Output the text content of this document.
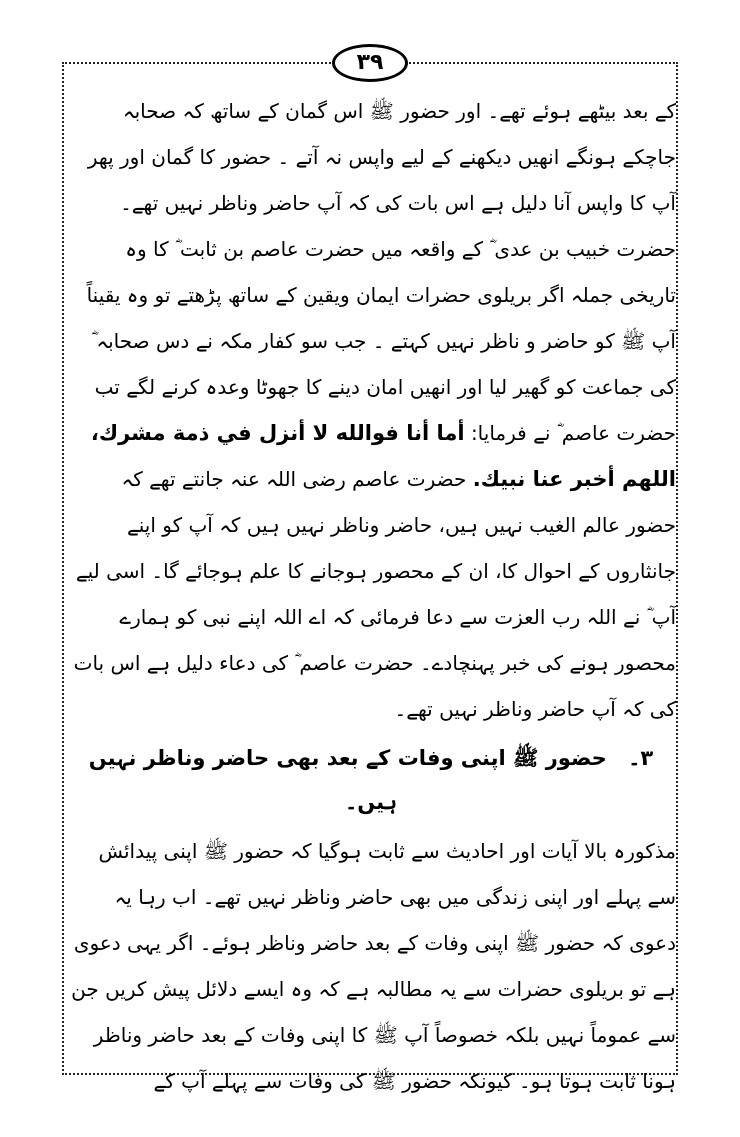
۳۹

کے بعد بیٹھے ہوئے تھے۔ اور حضور ﷺ اس گمان کے ساتھ کہ صحابہ جاچکے ہونگے انھیں دیکھنے کے لیے واپس نہ آتے ۔ حضور کا گمان اور پھر آپ کا واپس آنا دلیل ہے اس بات کی کہ آپ حاضر وناظر نہیں تھے۔

حضرت خبیب بن عدی ؓ کے واقعہ میں حضرت عاصم بن ثابت ؓ کا وہ تاریخی جملہ اگر بریلوی حضرات ایمان ویقین کے ساتھ پڑھتے تو وہ یقیناً آپ ﷺ کو حاضر و ناظر نہیں کہتے ۔ جب سو کفار مکہ نے دس صحابہ ؓ کی جماعت کو گھیر لیا اور انھیں امان دینے کا جھوٹا وعدہ کرنے لگے تب حضرت عاصم ؓ نے فرمایا: أما أنا فوالله لا أنزل في ذمة مشرك، اللهم أخبر عنا نبيك. حضرت عاصم رضی اللہ عنہ جانتے تھے کہ حضور عالم الغیب نہیں ہیں، حاضر وناظر نہیں ہیں کہ آپ کو اپنے جانثاروں کے احوال کا، ان کے محصور ہوجانے کا علم ہوجائے گا۔ اسی لیے آپ ؓ نے اللہ رب العزت سے دعا فرمائی کہ اے اللہ اپنے نبی کو ہمارے محصور ہونے کی خبر پہنچادے۔ حضرت عاصم ؓ کی دعاء دلیل ہے اس بات کی کہ آپ حاضر وناظر نہیں تھے۔

۳۔ حضور ﷺ اپنی وفات کے بعد بھی حاضر وناظر نہیں ہیں۔

مذکورہ بالا آیات اور احادیث سے ثابت ہوگیا کہ حضور ﷺ اپنی پیدائش سے پہلے اور اپنی زندگی میں بھی حاضر وناظر نہیں تھے۔ اب رہا یہ دعوی کہ حضور ﷺ اپنی وفات کے بعد حاضر وناظر ہوئے۔ اگر یہی دعوی ہے تو بریلوی حضرات سے یہ مطالبہ ہے کہ وہ ایسے دلائل پیش کریں جن سے عموماً نہیں بلکہ خصوصاً آپ ﷺ کا اپنی وفات کے بعد حاضر وناظر ہونا ثابت ہوتا ہو۔ کیونکہ حضور ﷺ کی وفات سے پہلے آپ کے
